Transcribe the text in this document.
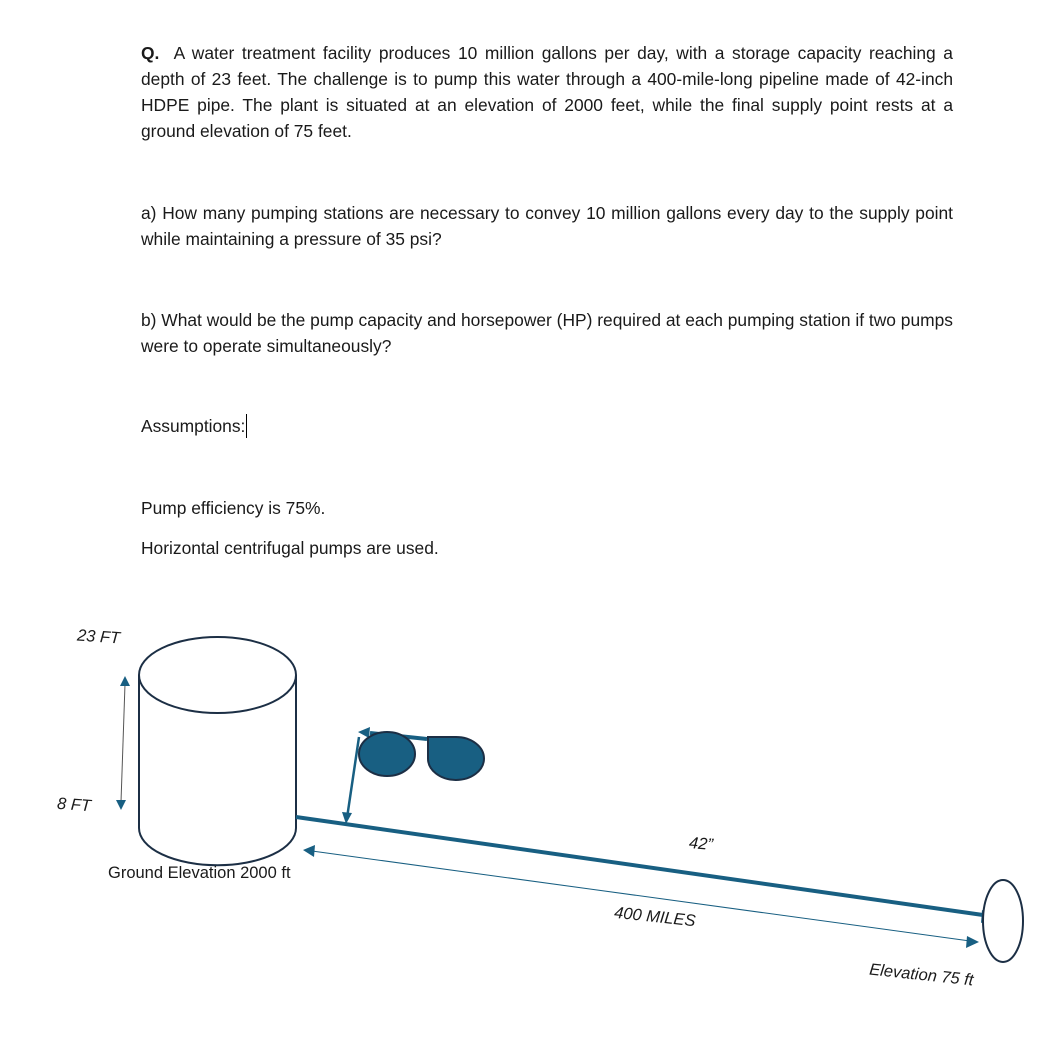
Q. A water treatment facility produces 10 million gallons per day, with a storage capacity reaching a depth of 23 feet. The challenge is to pump this water through a 400-mile-long pipeline made of 42-inch HDPE pipe. The plant is situated at an elevation of 2000 feet, while the final supply point rests at a ground elevation of 75 feet.
a) How many pumping stations are necessary to convey 10 million gallons every day to the supply point while maintaining a pressure of 35 psi?
b) What would be the pump capacity and horsepower (HP) required at each pumping station if two pumps were to operate simultaneously?
Assumptions:
Pump efficiency is 75%.
Horizontal centrifugal pumps are used.
23 FT
8 FT
Ground Elevation 2000 ft
42”
400 MILES
Elevation 75 ft
